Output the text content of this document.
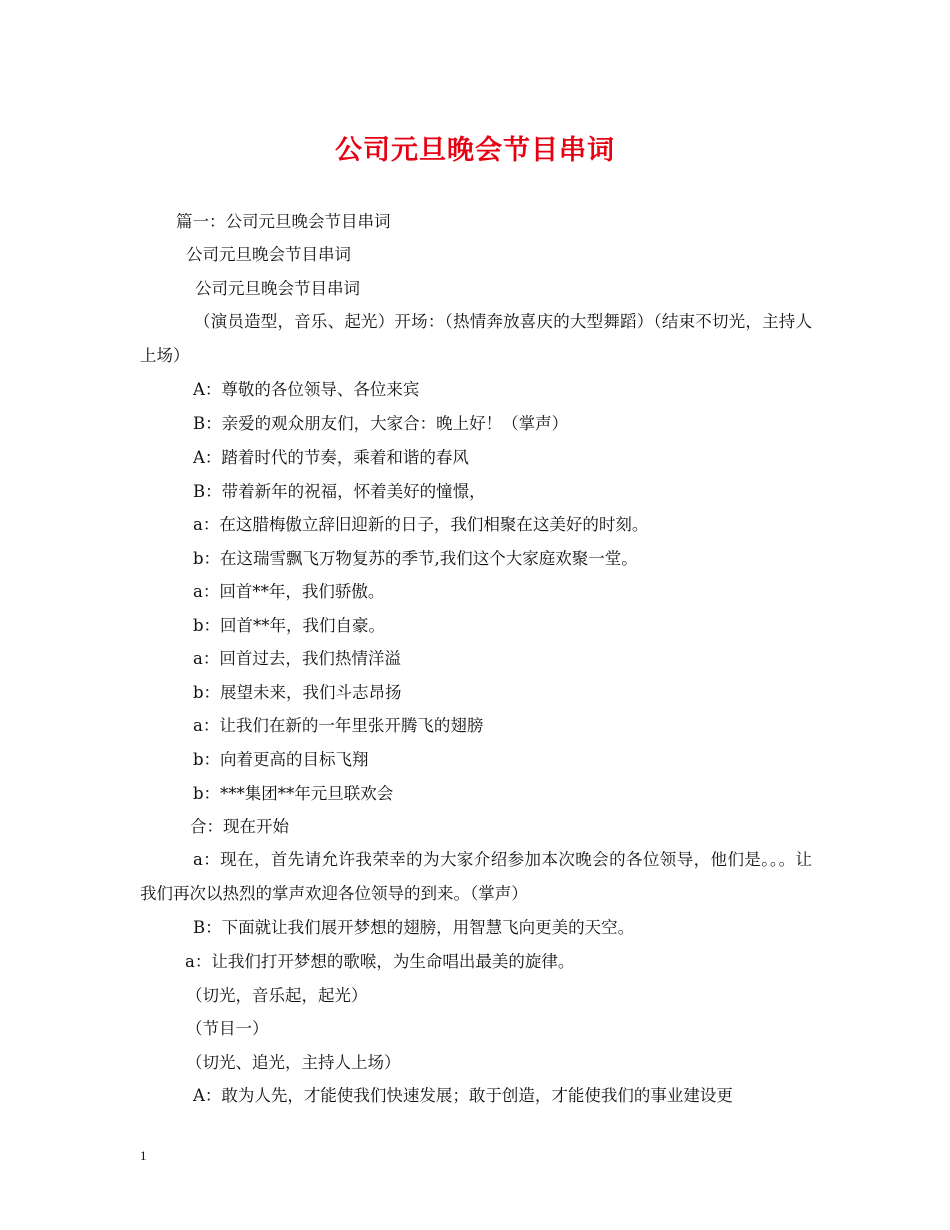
公司元旦晚会节目串词
篇一：公司元旦晚会节目串词
公司元旦晚会节目串词
公司元旦晚会节目串词
（演员造型，音乐、起光）开场：（热情奔放喜庆的大型舞蹈）（结束不切光，主持人上场）
A：尊敬的各位领导、各位来宾
B：亲爱的观众朋友们，大家合：晚上好！（掌声）
A：踏着时代的节奏，乘着和谐的春风
B：带着新年的祝福，怀着美好的憧憬，
a：在这腊梅傲立辞旧迎新的日子，我们相聚在这美好的时刻。
b：在这瑞雪飘飞万物复苏的季节,我们这个大家庭欢聚一堂。
a：回首**年，我们骄傲。
b：回首**年，我们自豪。
a：回首过去，我们热情洋溢
b：展望未来，我们斗志昂扬
a：让我们在新的一年里张开腾飞的翅膀
b：向着更高的目标飞翔
b：***集团**年元旦联欢会
合：现在开始
a：现在，首先请允许我荣幸的为大家介绍参加本次晚会的各位领导，他们是。。。让我们再次以热烈的掌声欢迎各位领导的到来。（掌声）
B：下面就让我们展开梦想的翅膀，用智慧飞向更美的天空。
a：让我们打开梦想的歌喉，为生命唱出最美的旋律。
（切光，音乐起，起光）
（节目一）
（切光、追光，主持人上场）
A：敢为人先，才能使我们快速发展；敢于创造，才能使我们的事业建设更
1
